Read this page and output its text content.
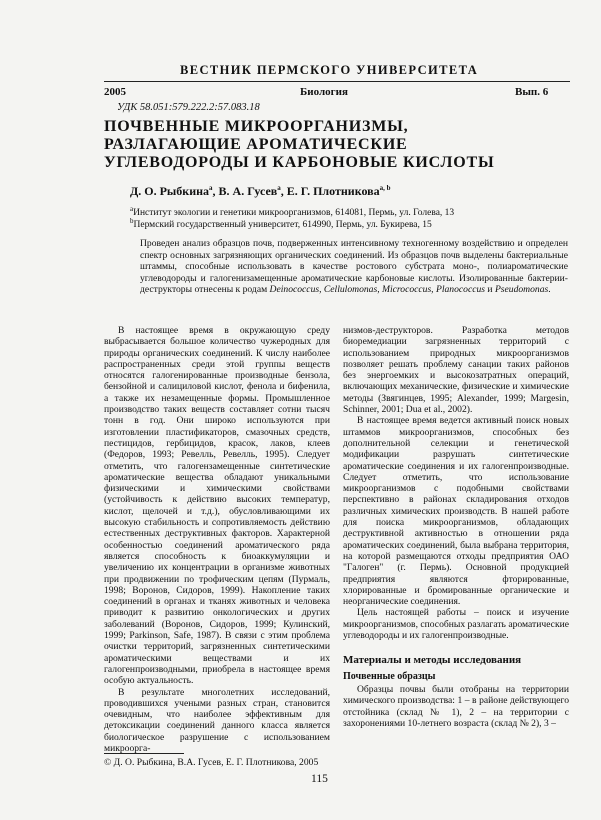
ВЕСТНИК ПЕРМСКОГО УНИВЕРСИТЕТА
2005	Биология	Вып. 6
УДК 58.051:579.222.2:57.083.18
ПОЧВЕННЫЕ МИКРООРГАНИЗМЫ,
РАЗЛАГАЮЩИЕ АРОМАТИЧЕСКИЕ
УГЛЕВОДОРОДЫ И КАРБОНОВЫЕ КИСЛОТЫ
Д. О. Рыбкина$^a$, В. А. Гусев$^a$, Е. Г. Плотникова$^{a, b}$
$^a$Институт экологии и генетики микроорганизмов, 614081, Пермь, ул. Голева, 13
$^b$Пермский государственный университет, 614990, Пермь, ул. Букирева, 15
Проведен анализ образцов почв, подверженных интенсивному техногенному воздействию и определен спектр основных загрязняющих органических соединений. Из образцов почв выделены бактериальные штаммы, способные использовать в качестве ростового субстрата моно-, полиароматические углеводороды и галогенизамещенные ароматические карбоновые кислоты. Изолированные бактерии-деструкторы отнесены к родам Deinococcus, Cellulomonas, Micrococcus, Planococcus и Pseudomonas.

В настоящее время в окружающую среду выбрасывается большое количество чужеродных для природы органических соединений. К числу наиболее распространенных среди этой группы веществ относятся галогенированные производные бензола, бензойной и салициловой кислот, фенола и бифенила, а также их незамещенные формы. Промышленное производство таких веществ составляет сотни тысяч тонн в год. Они широко используются при изготовлении пластификаторов, смазочных средств, пестицидов, гербицидов, красок, лаков, клеев (Федоров, 1993; Ревелль, Ревелль, 1995). Следует отметить, что галогензамещенные синтетические ароматические вещества обладают уникальными физическими и химическими свойствами (устойчивость к действию высоких температур, кислот, щелочей и т.д.), обусловливающими их высокую стабильность и сопротивляемость действию естественных деструктивных факторов. Характерной особенностью соединений ароматического ряда является способность к биоаккумуляции и увеличению их концентрации в организме животных при продвижении по трофическим цепям (Пурмаль, 1998; Воронов, Сидоров, 1999). Накопление таких соединений в органах и тканях животных и человека приводит к развитию онкологических и других заболеваний (Воронов, Сидоров, 1999; Кулинский, 1999; Parkinson, Safe, 1987). В связи с этим проблема очистки территорий, загрязненных синтетическими ароматическими веществами и их галогенпроизводными, приобрела в настоящее время особую актуальность.

В результате многолетних исследований, проводившихся учеными разных стран, становится очевидным, что наиболее эффективным для детоксикации соединений данного класса является биологическое разрушение с использованием микроорга-

низмов-деструкторов. Разработка методов биоремедиации загрязненных территорий с использованием природных микроорганизмов позволяет решать проблему санации таких районов без энергоемких и высокозатратных операций, включающих механические, физические и химические методы (Звягинцев, 1995; Alexander, 1999; Margesin, Schinner, 2001; Dua et al., 2002).

В настоящее время ведется активный поиск новых штаммов микроорганизмов, способных без дополнительной селекции и генетической модификации разрушать синтетические ароматические соединения и их галогенпроизводные. Следует отметить, что использование микроорганизмов с подобными свойствами перспективно в районах складирования отходов различных химических производств. В нашей работе для поиска микроорганизмов, обладающих деструктивной активностью в отношении ряда ароматических соединений, была выбрана территория, на которой размещаются отходы предприятия ОАО "Галоген" (г. Пермь). Основной продукцией предприятия являются фторированные, хлорированные и бромированные органические и неорганические соединения.

Цель настоящей работы – поиск и изучение микроорганизмов, способных разлагать ароматические углеводороды и их галогенпроизводные.

Материалы и методы исследования

Почвенные образцы

Образцы почвы были отобраны на территории химического производства: 1 – в районе действующего отстойника (склад № 1), 2 – на территории с захоронениями 10-летнего возраста (склад № 2), 3 –

© Д. О. Рыбкина, В.А. Гусев, Е. Г. Плотникова, 2005
115
